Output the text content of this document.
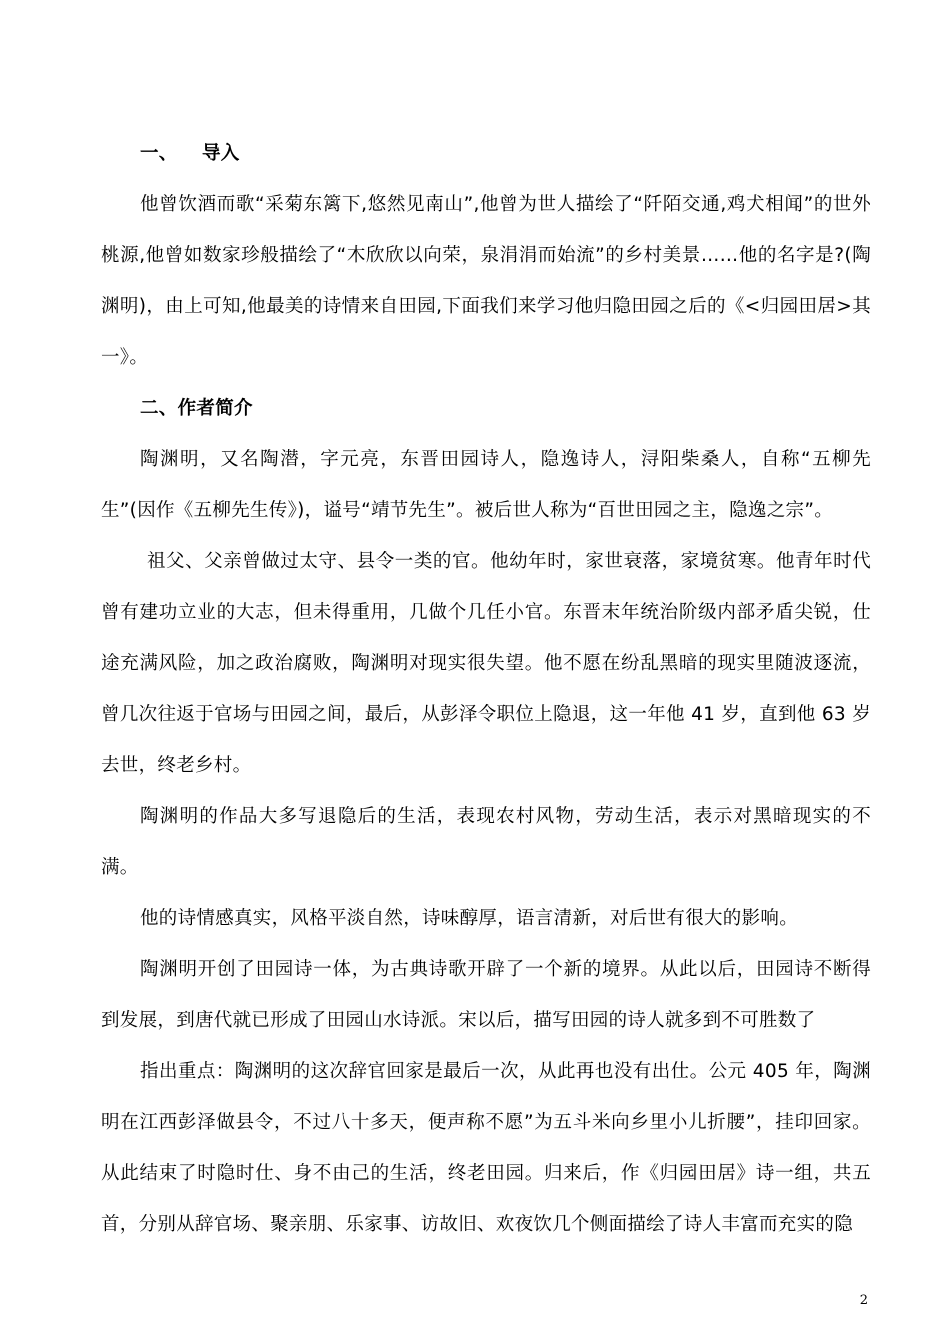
一、 导入

他曾饮酒而歌“采菊东篱下,悠然见南山”,他曾为世人描绘了“阡陌交通,鸡犬相闻”的世外桃源,他曾如数家珍般描绘了“木欣欣以向荣，泉涓涓而始流”的乡村美景……他的名字是?(陶渊明)，由上可知,他最美的诗情来自田园,下面我们来学习他归隐田园之后的《<归园田居>其一》。

二、作者简介

陶渊明，又名陶潜，字元亮，东晋田园诗人，隐逸诗人，浔阳柴桑人，自称“五柳先生”(因作《五柳先生传》)，谥号“靖节先生”。被后世人称为“百世田园之主，隐逸之宗”。

祖父、父亲曾做过太守、县令一类的官。他幼年时，家世衰落，家境贫寒。他青年时代曾有建功立业的大志，但未得重用，几做个几任小官。东晋末年统治阶级内部矛盾尖锐，仕途充满风险，加之政治腐败，陶渊明对现实很失望。他不愿在纷乱黑暗的现实里随波逐流，曾几次往返于官场与田园之间，最后，从彭泽令职位上隐退，这一年他 41 岁，直到他 63 岁去世，终老乡村。

陶渊明的作品大多写退隐后的生活，表现农村风物，劳动生活，表示对黑暗现实的不满。

他的诗情感真实，风格平淡自然，诗味醇厚，语言清新，对后世有很大的影响。

陶渊明开创了田园诗一体，为古典诗歌开辟了一个新的境界。从此以后，田园诗不断得到发展，到唐代就已形成了田园山水诗派。宋以后，描写田园的诗人就多到不可胜数了

指出重点：陶渊明的这次辞官回家是最后一次，从此再也没有出仕。公元 405 年，陶渊明在江西彭泽做县令，不过八十多天，便声称不愿”为五斗米向乡里小儿折腰”，挂印回家。从此结束了时隐时仕、身不由己的生活，终老田园。归来后，作《归园田居》诗一组，共五首，分别从辞官场、聚亲朋、乐家事、访故旧、欢夜饮几个侧面描绘了诗人丰富而充实的隐

2
